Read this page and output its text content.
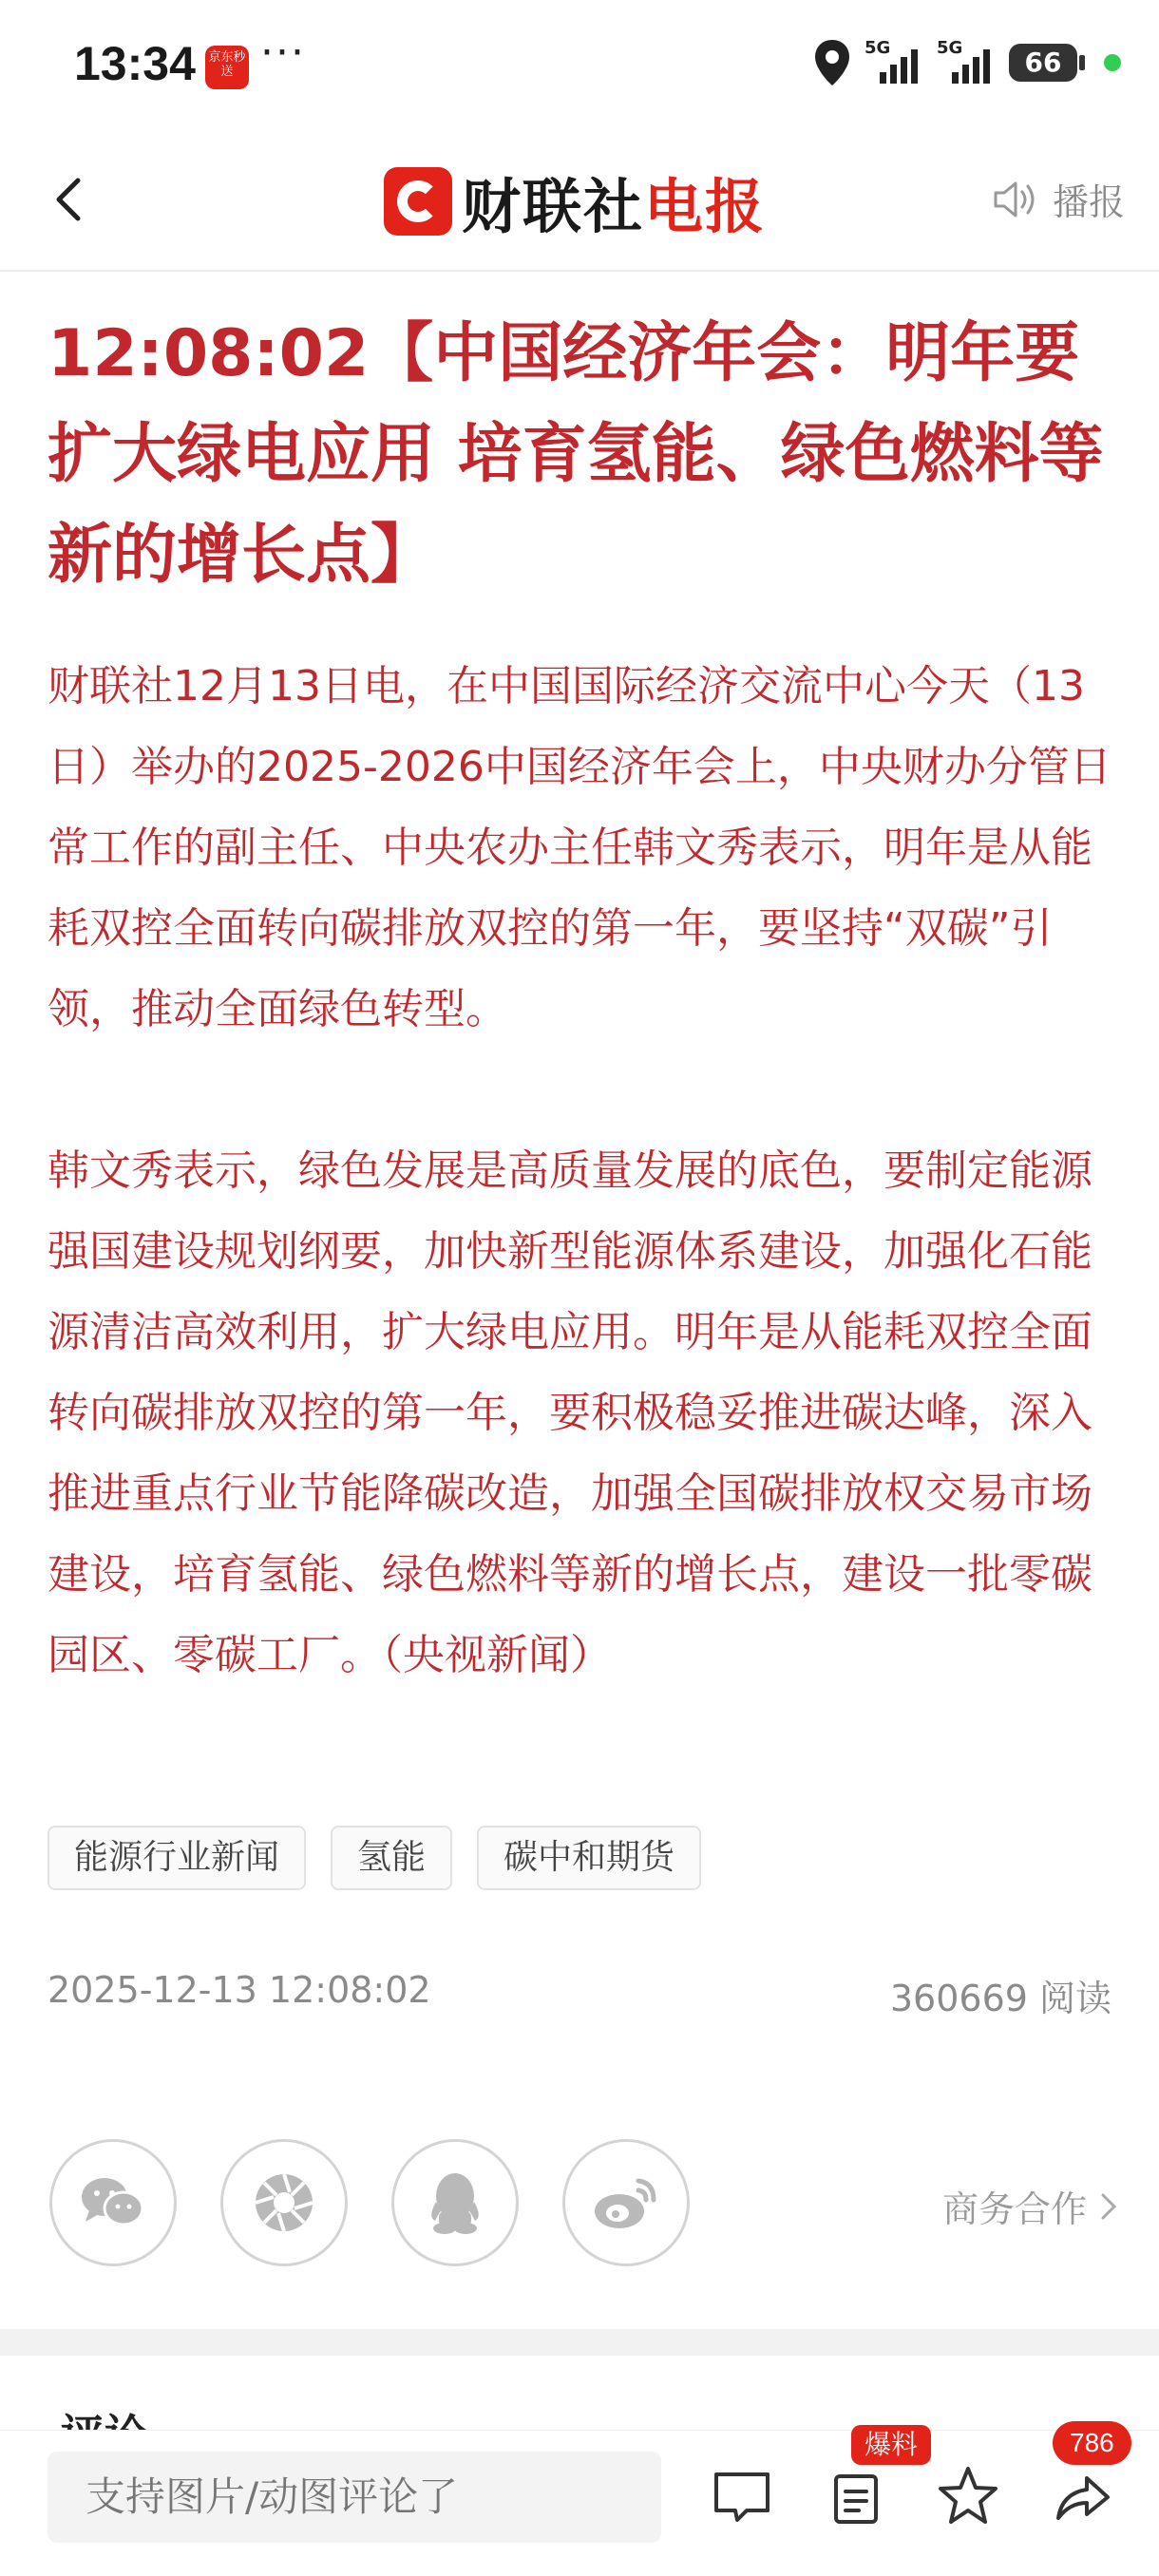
13:34 京东秒送 ···	5G	5G	66
财联社电报	播报
12:08:02【中国经济年会：明年要扩大绿电应用 培育氢能、绿色燃料等新的增长点】
财联社12月13日电，在中国国际经济交流中心今天（13日）举办的2025-2026中国经济年会上，中央财办分管日常工作的副主任、中央农办主任韩文秀表示，明年是从能耗双控全面转向碳排放双控的第一年，要坚持“双碳”引领，推动全面绿色转型。
韩文秀表示，绿色发展是高质量发展的底色，要制定能源强国建设规划纲要，加快新型能源体系建设，加强化石能源清洁高效利用，扩大绿电应用。明年是从能耗双控全面转向碳排放双控的第一年，要积极稳妥推进碳达峰，深入推进重点行业节能降碳改造，加强全国碳排放权交易市场建设，培育氢能、绿色燃料等新的增长点，建设一批零碳园区、零碳工厂。（央视新闻）
能源行业新闻	氢能	碳中和期货
2025-12-13 12:08:02	360669 阅读
商务合作
支持图片/动图评论了
爆料	786
